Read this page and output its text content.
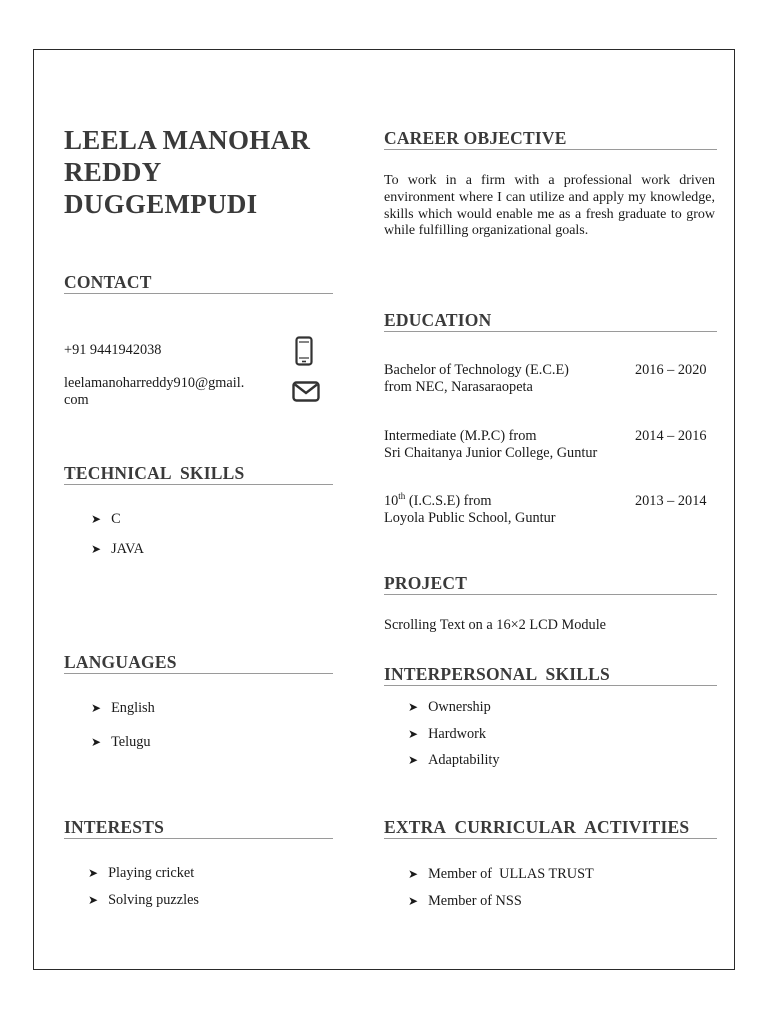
LEELA MANOHAR
REDDY
DUGGEMPUDI
CONTACT
+91 9441942038
leelamanoharreddy910@gmail.
com
TECHNICAL  SKILLS
➤ C
➤ JAVA
LANGUAGES
➤ English
➤ Telugu
INTERESTS
➤ Playing cricket
➤ Solving puzzles
CAREER OBJECTIVE
To work in a firm with a professional work driven environment where I can utilize and apply my knowledge, skills which would enable me as a fresh graduate to grow while fulfilling organizational goals.
EDUCATION
Bachelor of Technology (E.C.E)
from NEC, Narasaraopeta
2016 – 2020
Intermediate (M.P.C) from
Sri Chaitanya Junior College, Guntur
2014 – 2016
10th (I.C.S.E) from
Loyola Public School, Guntur
2013 – 2014
PROJECT
Scrolling Text on a 16×2 LCD Module
INTERPERSONAL  SKILLS
➤ Ownership
➤ Hardwork
➤ Adaptability
EXTRA  CURRICULAR  ACTIVITIES
➤ Member of  ULLAS TRUST
➤ Member of NSS
